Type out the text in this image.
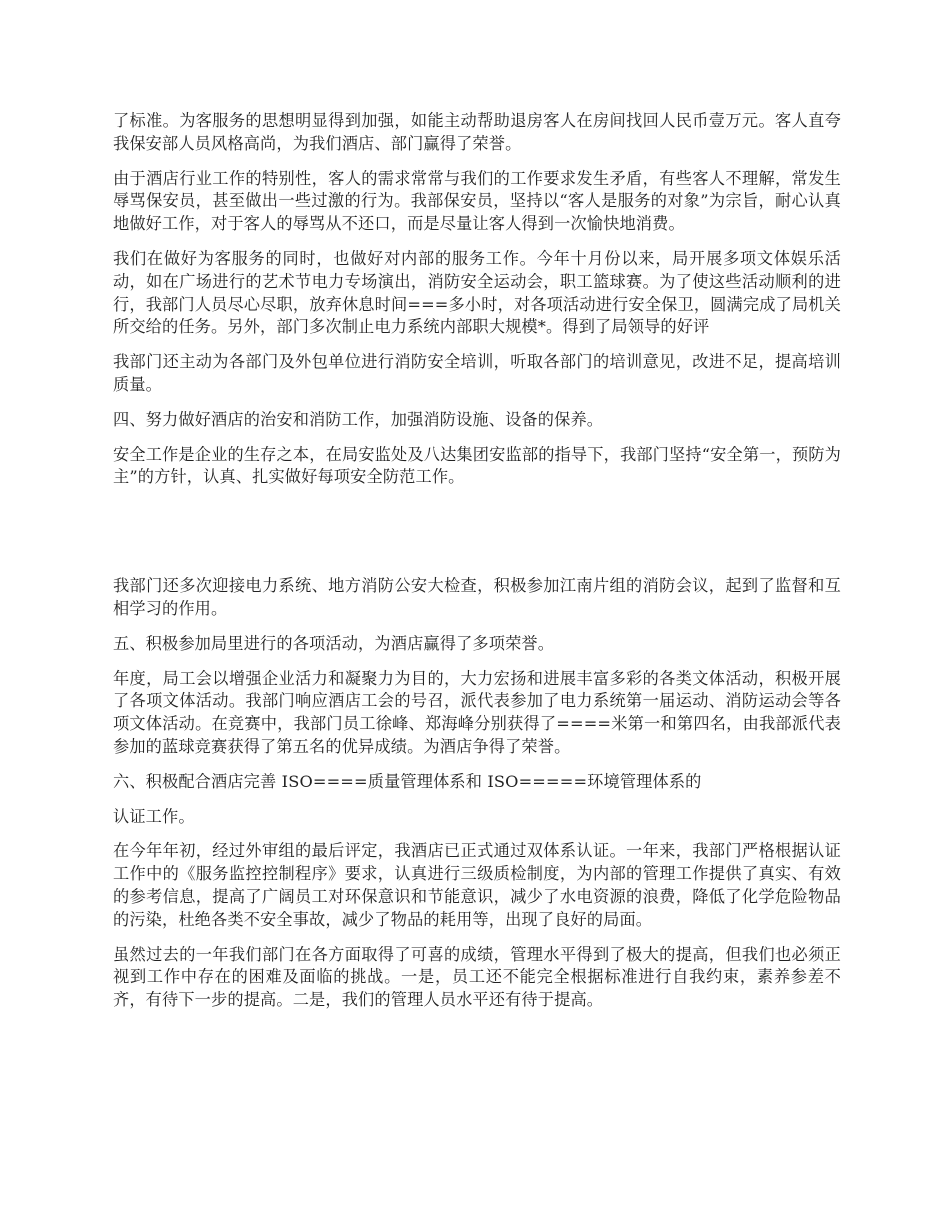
了标准。为客服务的思想明显得到加强，如能主动帮助退房客人在房间找回人民币壹万元。客人直夸我保安部人员风格高尚，为我们酒店、部门赢得了荣誉。

由于酒店行业工作的特别性，客人的需求常常与我们的工作要求发生矛盾，有些客人不理解，常发生辱骂保安员，甚至做出一些过激的行为。我部保安员，坚持以“客人是服务的对象”为宗旨，耐心认真地做好工作，对于客人的辱骂从不还口，而是尽量让客人得到一次愉快地消费。

我们在做好为客服务的同时，也做好对内部的服务工作。今年十月份以来，局开展多项文体娱乐活动，如在广场进行的艺术节电力专场演出，消防安全运动会，职工篮球赛。为了使这些活动顺利的进行，我部门人员尽心尽职，放弃休息时间===多小时，对各项活动进行安全保卫，圆满完成了局机关所交给的任务。另外，部门多次制止电力系统内部职大规模*。得到了局领导的好评

我部门还主动为各部门及外包单位进行消防安全培训，听取各部门的培训意见，改进不足，提高培训质量。

四、努力做好酒店的治安和消防工作，加强消防设施、设备的保养。

安全工作是企业的生存之本，在局安监处及八达集团安监部的指导下，我部门坚持“安全第一，预防为主”的方针，认真、扎实做好每项安全防范工作。

我部门还多次迎接电力系统、地方消防公安大检查，积极参加江南片组的消防会议，起到了监督和互相学习的作用。

五、积极参加局里进行的各项活动，为酒店赢得了多项荣誉。

年度，局工会以增强企业活力和凝聚力为目的，大力宏扬和进展丰富多彩的各类文体活动，积极开展了各项文体活动。我部门响应酒店工会的号召，派代表参加了电力系统第一届运动、消防运动会等各项文体活动。在竞赛中，我部门员工徐峰、郑海峰分别获得了====米第一和第四名，由我部派代表参加的蓝球竞赛获得了第五名的优异成绩。为酒店争得了荣誉。

六、积极配合酒店完善 ISO====质量管理体系和 ISO=====环境管理体系的

认证工作。

在今年年初，经过外审组的最后评定，我酒店已正式通过双体系认证。一年来，我部门严格根据认证工作中的《服务监控控制程序》要求，认真进行三级质检制度，为内部的管理工作提供了真实、有效的参考信息，提高了广阔员工对环保意识和节能意识，减少了水电资源的浪费，降低了化学危险物品的污染，杜绝各类不安全事故，减少了物品的耗用等，出现了良好的局面。

虽然过去的一年我们部门在各方面取得了可喜的成绩，管理水平得到了极大的提高，但我们也必须正视到工作中存在的困难及面临的挑战。一是，员工还不能完全根据标准进行自我约束，素养参差不齐，有待下一步的提高。二是，我们的管理人员水平还有待于提高。
